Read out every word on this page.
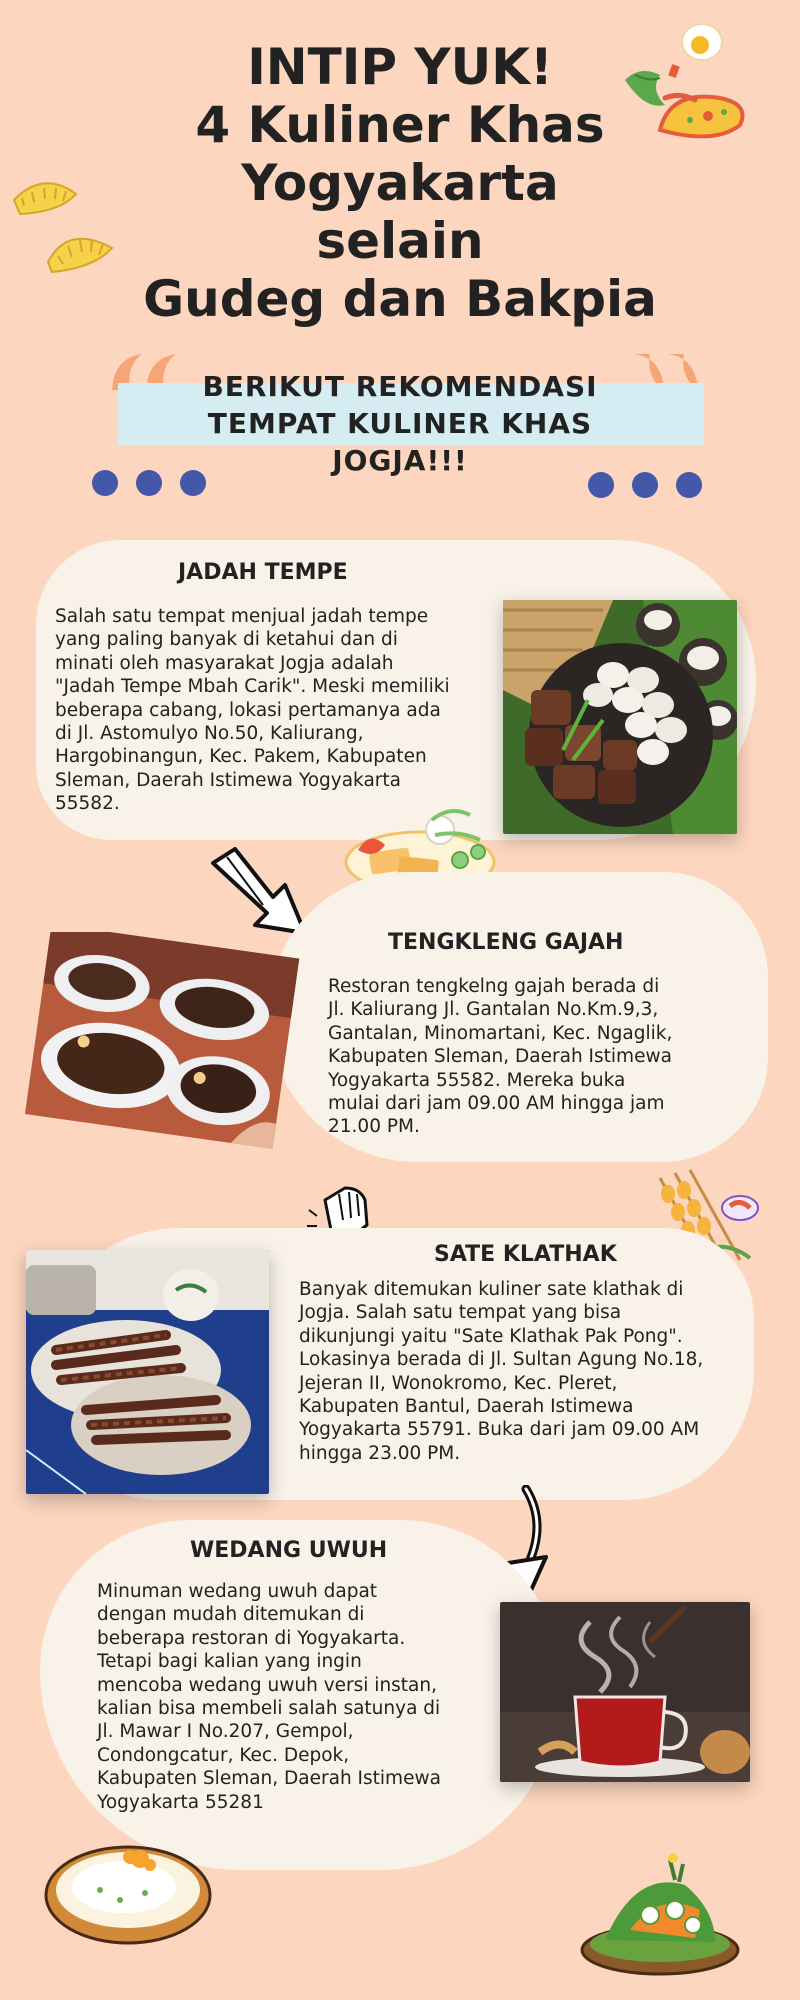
INTIP YUK!
4 Kuliner Khas
Yogyakarta
selain
Gudeg dan Bakpia
BERIKUT REKOMENDASI
TEMPAT KULINER KHAS
JOGJA!!!
JADAH TEMPE
Salah satu tempat menjual jadah tempe
yang paling banyak di ketahui dan di
minati oleh masyarakat Jogja adalah
"Jadah Tempe Mbah Carik". Meski memiliki
beberapa cabang, lokasi pertamanya ada
di Jl. Astomulyo No.50, Kaliurang,
Hargobinangun, Kec. Pakem, Kabupaten
Sleman, Daerah Istimewa Yogyakarta
55582.
TENGKLENG GAJAH
Restoran tengkelng gajah berada di
Jl. Kaliurang Jl. Gantalan No.Km.9,3,
Gantalan, Minomartani, Kec. Ngaglik,
Kabupaten Sleman, Daerah Istimewa
Yogyakarta 55582. Mereka buka
mulai dari jam 09.00 AM hingga jam
21.00 PM.
SATE KLATHAK
Banyak ditemukan kuliner sate klathak di
Jogja. Salah satu tempat yang bisa
dikunjungi yaitu "Sate Klathak Pak Pong".
Lokasinya berada di Jl. Sultan Agung No.18,
Jejeran II, Wonokromo, Kec. Pleret,
Kabupaten Bantul, Daerah Istimewa
Yogyakarta 55791. Buka dari jam 09.00 AM
hingga 23.00 PM.
WEDANG UWUH
Minuman wedang uwuh dapat
dengan mudah ditemukan di
beberapa restoran di Yogyakarta.
Tetapi bagi kalian yang ingin
mencoba wedang uwuh versi instan,
kalian bisa membeli salah satunya di
Jl. Mawar I No.207, Gempol,
Condongcatur, Kec. Depok,
Kabupaten Sleman, Daerah Istimewa
Yogyakarta 55281
